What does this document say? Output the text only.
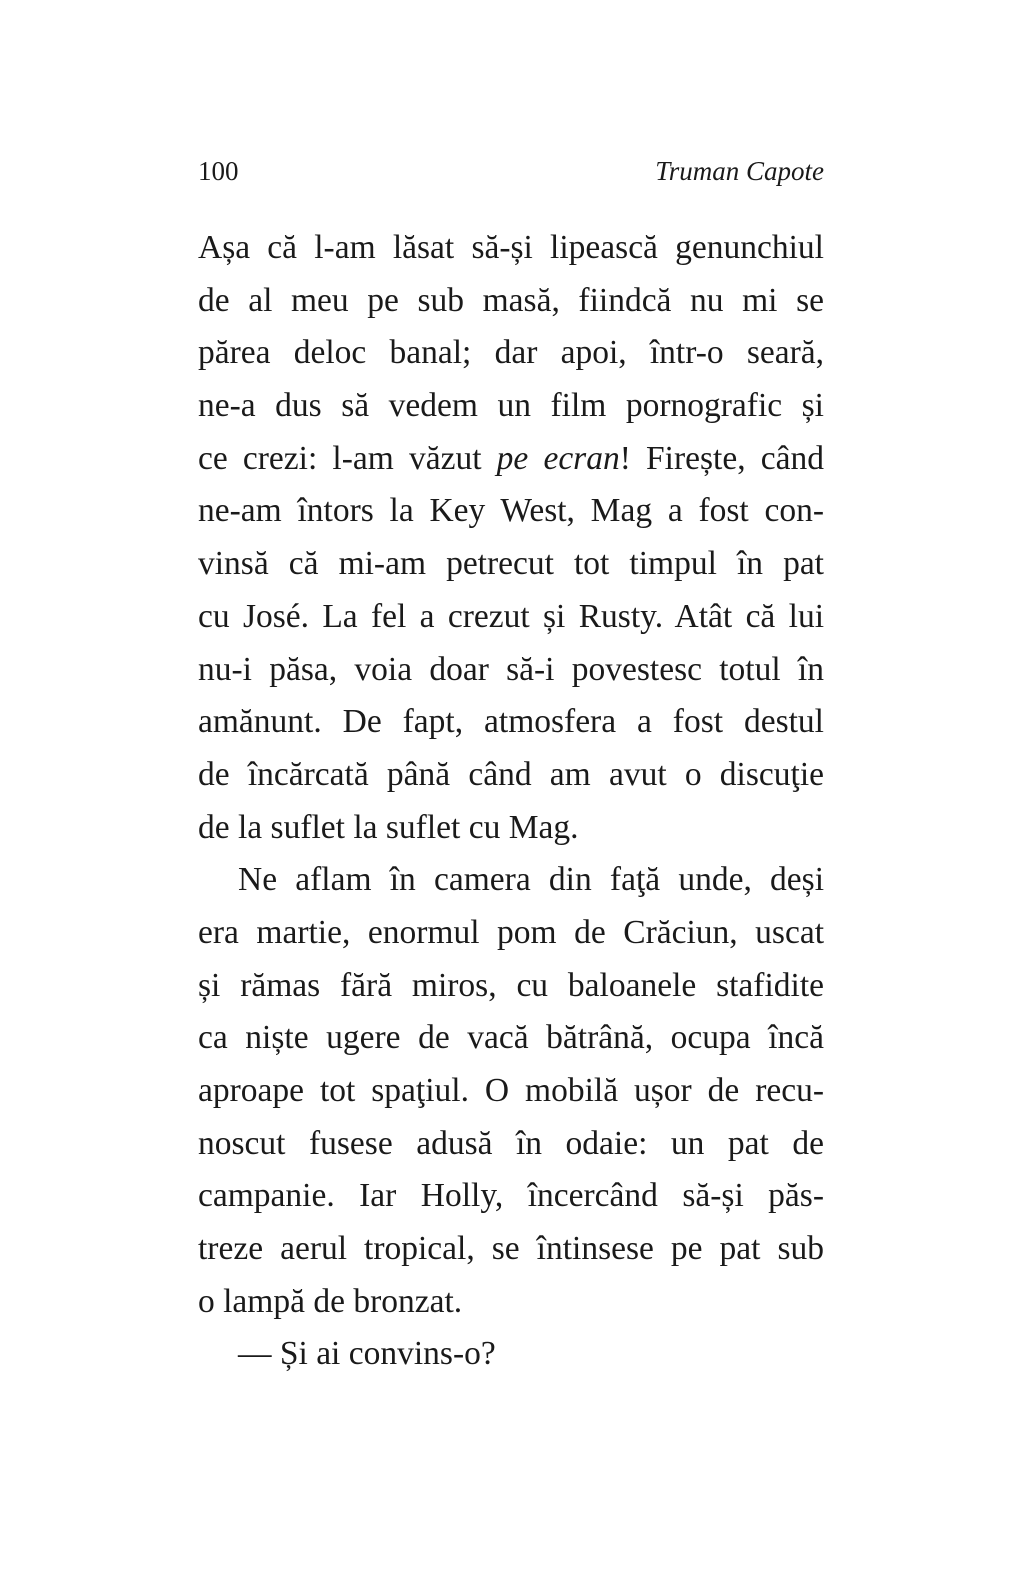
100	Truman Capote
Așa că l-am lăsat să-și lipească genunchiul
de al meu pe sub masă, fiindcă nu mi se
părea deloc banal; dar apoi, într-o seară,
ne-a dus să vedem un film pornografic și
ce crezi: l-am văzut pe ecran! Firește, când
ne-am întors la Key West, Mag a fost con-
vinsă că mi-am petrecut tot timpul în pat
cu José. La fel a crezut și Rusty. Atât că lui
nu-i păsa, voia doar să-i povestesc totul în
amănunt. De fapt, atmosfera a fost destul
de încărcată până când am avut o discuţie
de la suflet la suflet cu Mag.
Ne aflam în camera din faţă unde, deși
era martie, enormul pom de Crăciun, uscat
și rămas fără miros, cu baloanele stafidite
ca niște ugere de vacă bătrână, ocupa încă
aproape tot spaţiul. O mobilă ușor de recu-
noscut fusese adusă în odaie: un pat de
campanie. Iar Holly, încercând să-și păs-
treze aerul tropical, se întinsese pe pat sub
o lampă de bronzat.
— Și ai convins-o?
